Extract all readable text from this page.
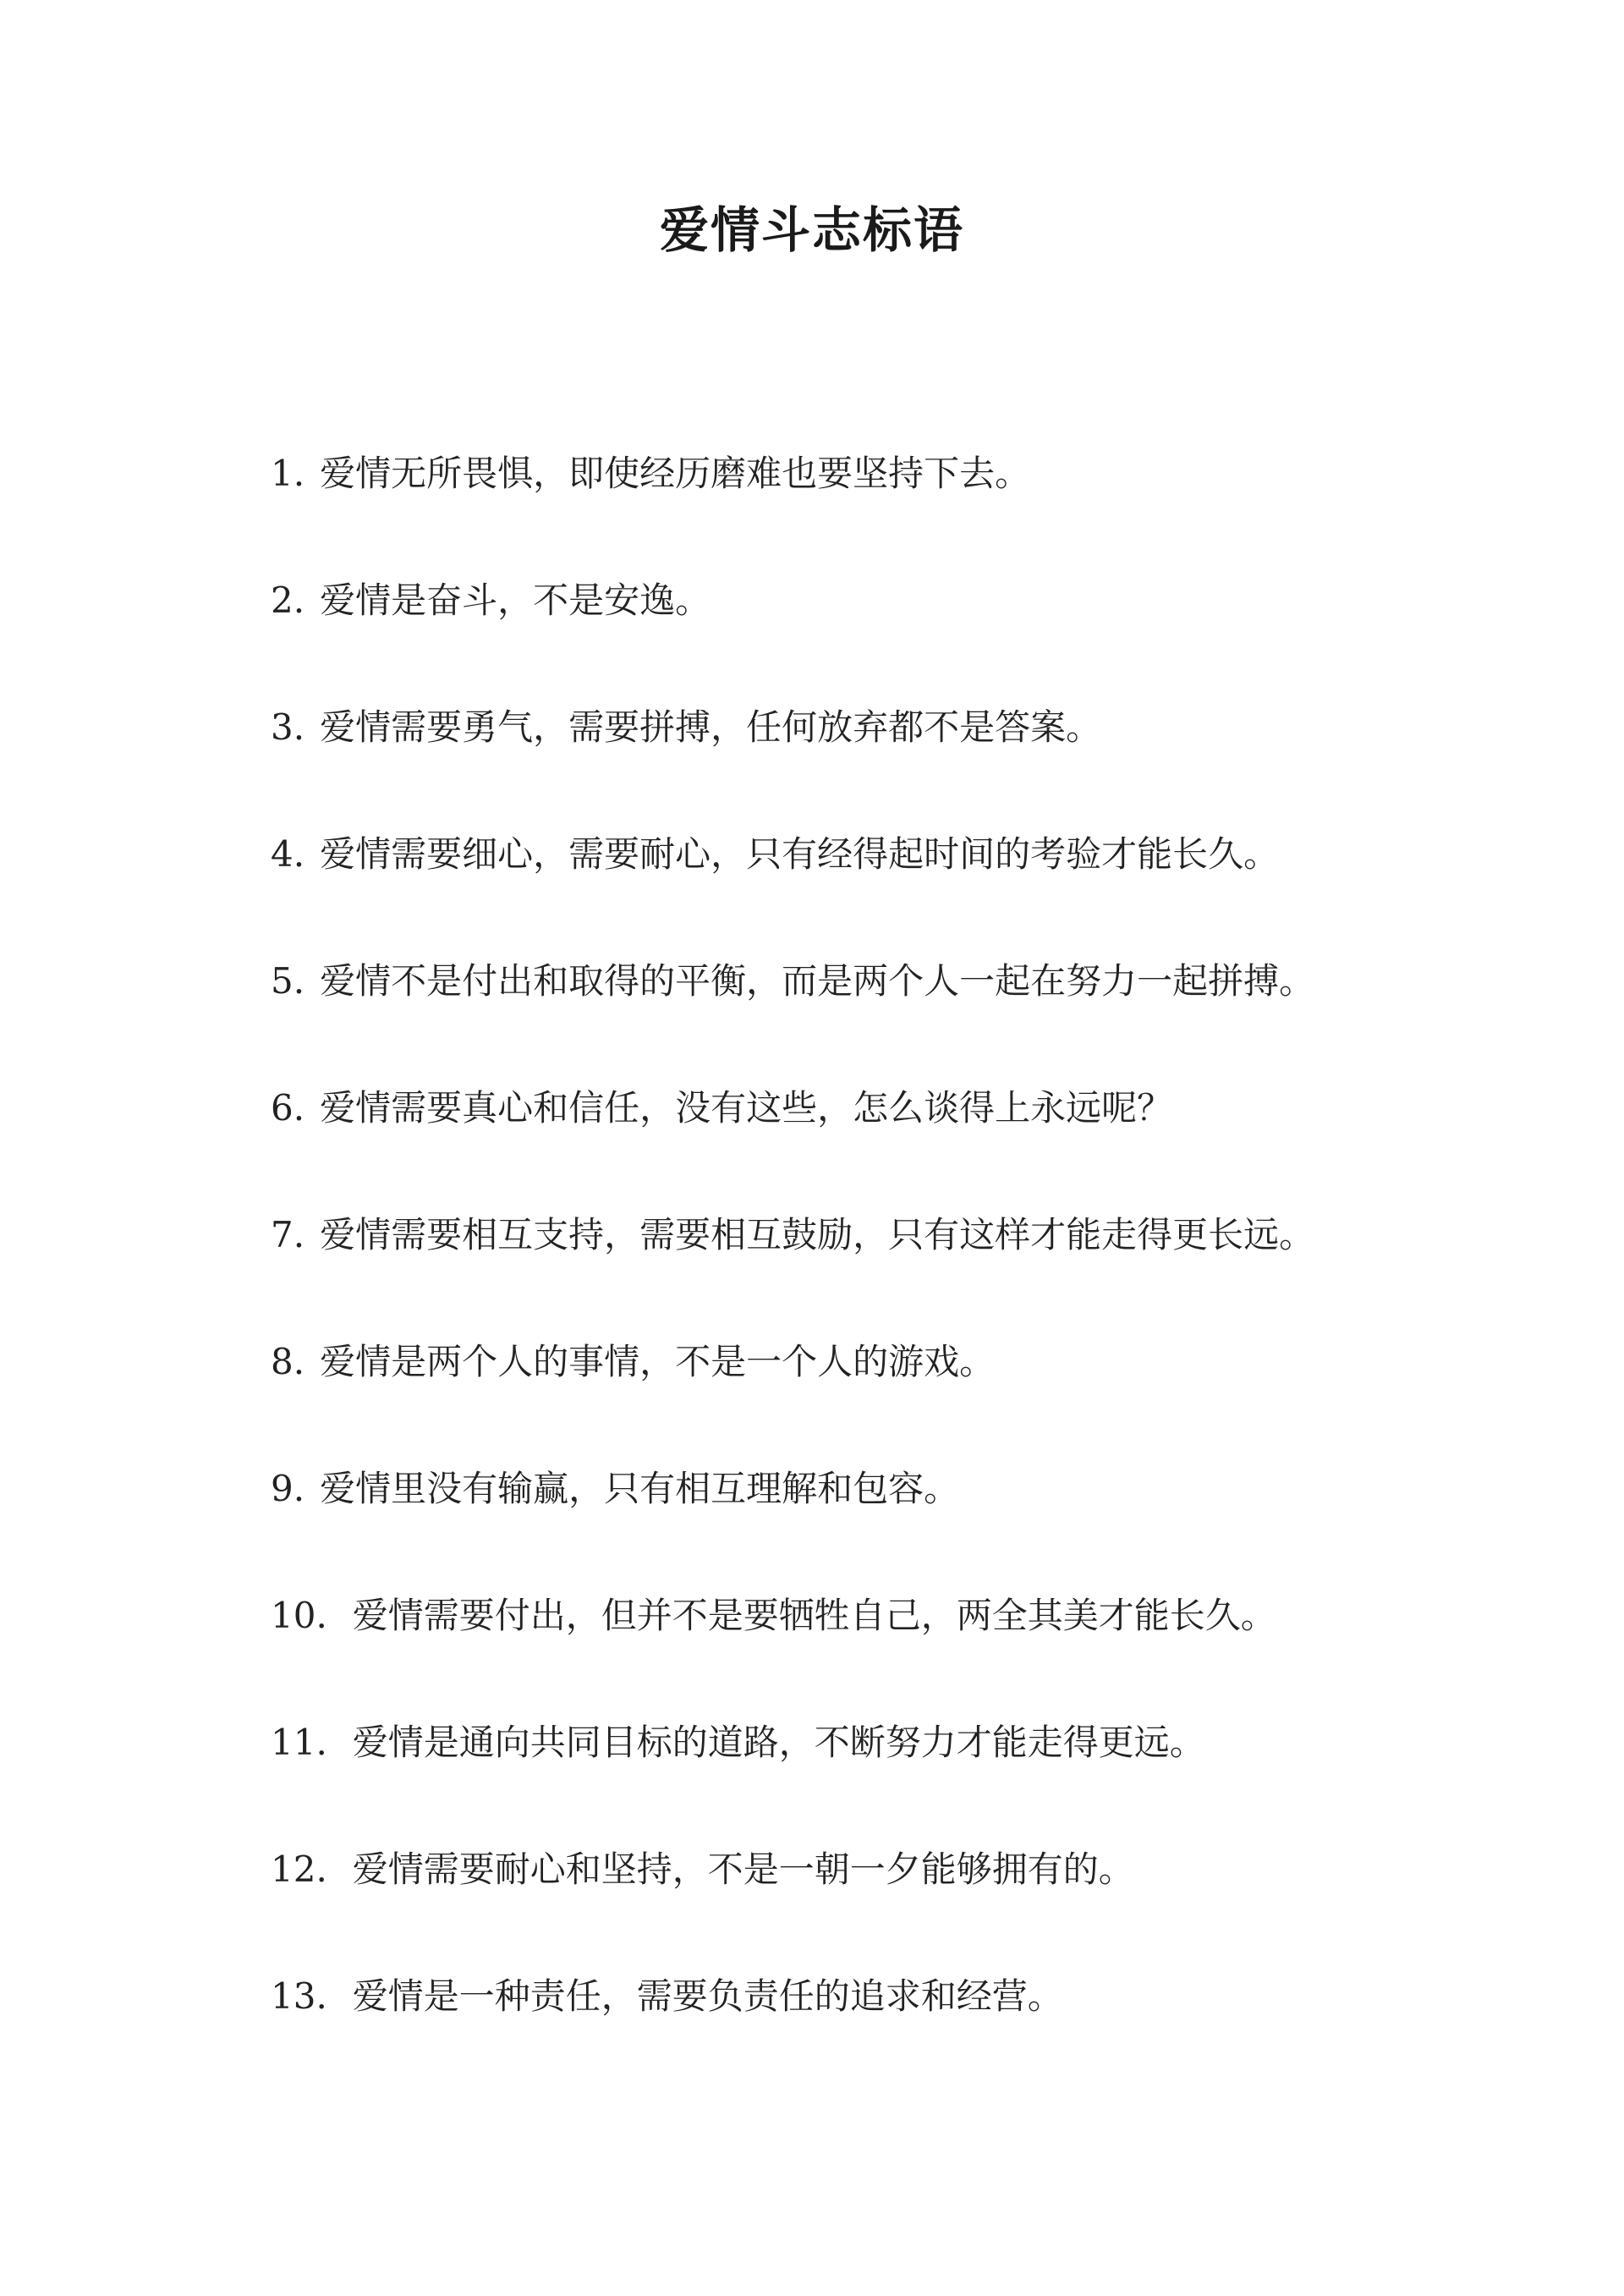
爱情斗志标语
1. 爱情无所畏惧，即使经历磨难也要坚持下去。
2. 爱情是奋斗，不是安逸。
3. 爱情需要勇气，需要拼搏，任何放弃都不是答案。
4. 爱情需要细心，需要耐心，只有经得起时间的考验才能长久。
5. 爱情不是付出和取得的平衡，而是两个人一起在努力一起拼搏。
6. 爱情需要真心和信任，没有这些，怎么谈得上永远呢？
7. 爱情需要相互支持，需要相互鼓励，只有这样才能走得更长远。
8. 爱情是两个人的事情，不是一个人的游戏。
9. 爱情里没有输赢，只有相互理解和包容。
10. 爱情需要付出，但并不是要牺牲自己，两全其美才能长久。
11. 爱情是通向共同目标的道路，不断努力才能走得更远。
12. 爱情需要耐心和坚持，不是一朝一夕能够拥有的。
13. 爱情是一种责任，需要负责任的追求和经营。
